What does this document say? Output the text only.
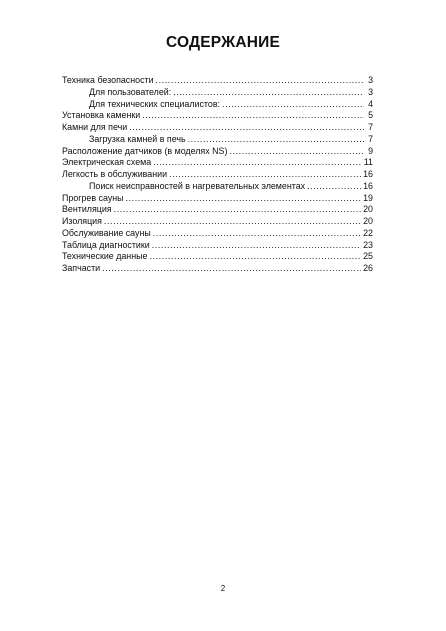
СОДЕРЖАНИЕ
Техника безопасности .....	3
Для пользователей: .....	3
Для технических специалистов: .....	4
Установка каменки .....	5
Камни для печи .....	7
Загрузка камней в печь .....	7
Расположение датчиков (в моделях NS) .....	9
Электрическая схема .....	11
Легкость в обслуживании .....	16
Поиск неисправностей в нагревательных элементах .....	16
Прогрев сауны .....	19
Вентиляция .....	20
Изоляция .....	20
Обслуживание сауны .....	22
Таблица диагностики .....	23
Технические данные .....	25
Запчасти .....	26
2
